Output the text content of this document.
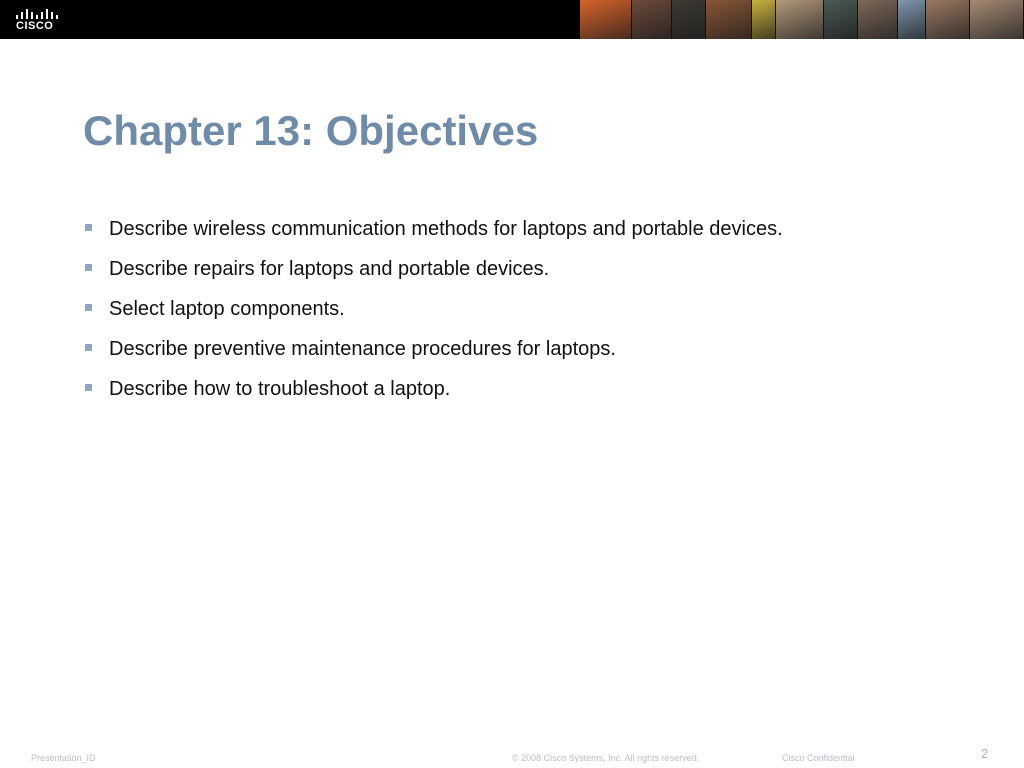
CISCO
Chapter 13: Objectives
Describe wireless communication methods for laptops and portable devices.
Describe repairs for laptops and portable devices.
Select laptop components.
Describe preventive maintenance procedures for laptops.
Describe how to troubleshoot a laptop.
Presentation_ID	© 2008 Cisco Systems, Inc. All rights reserved.	Cisco Confidential	2
